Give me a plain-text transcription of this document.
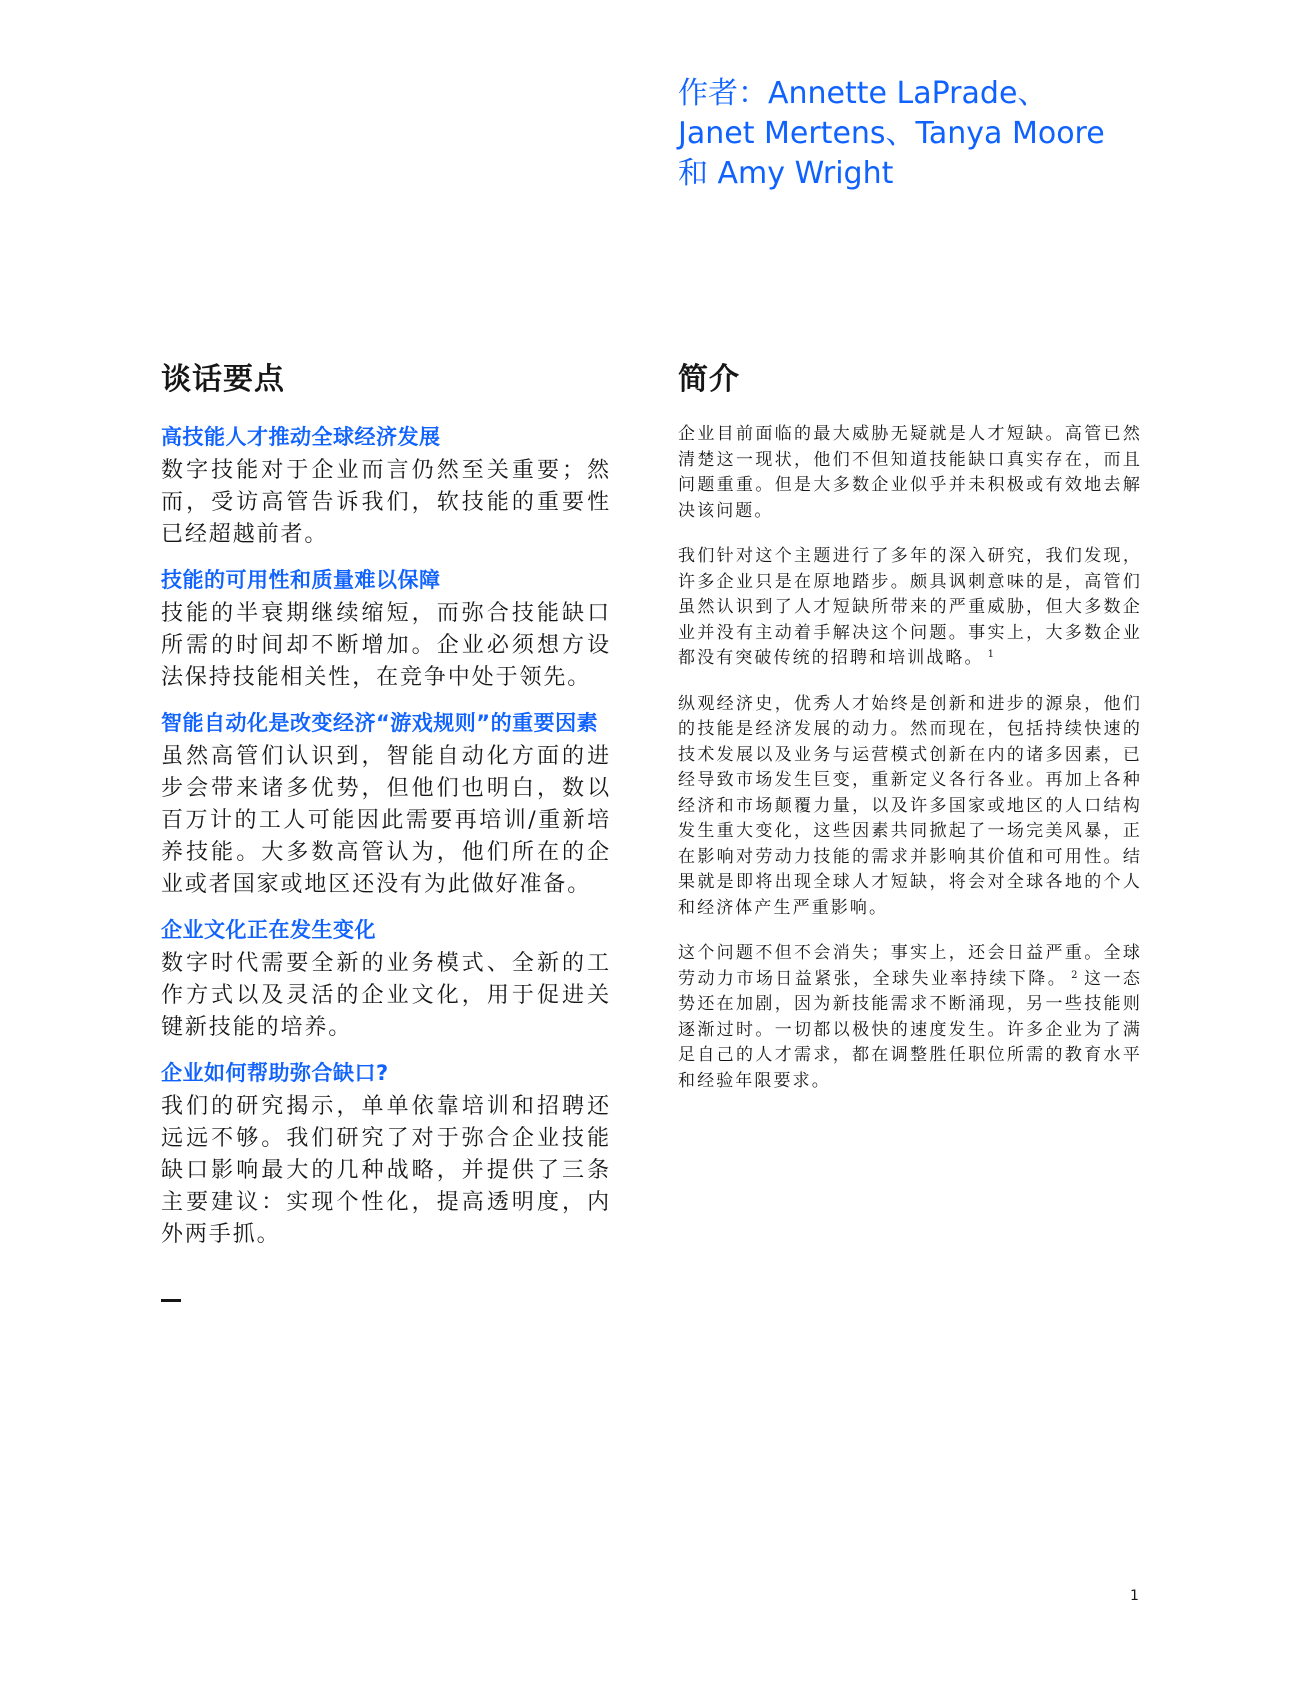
作者：Annette LaPrade、
Janet Mertens、Tanya Moore
和 Amy Wright
谈话要点
高技能人才推动全球经济发展

数字技能对于企业而言仍然至关重要；然而，受访高管告诉我们，软技能的重要性已经超越前者。

技能的可用性和质量难以保障

技能的半衰期继续缩短，而弥合技能缺口所需的时间却不断增加。企业必须想方设法保持技能相关性，在竞争中处于领先。

智能自动化是改变经济“游戏规则”的重要因素

虽然高管们认识到，智能自动化方面的进步会带来诸多优势，但他们也明白，数以百万计的工人可能因此需要再培训/重新培养技能。大多数高管认为，他们所在的企业或者国家或地区还没有为此做好准备。

企业文化正在发生变化

数字时代需要全新的业务模式、全新的工作方式以及灵活的企业文化，用于促进关键新技能的培养。

企业如何帮助弥合缺口?

我们的研究揭示，单单依靠培训和招聘还远远不够。我们研究了对于弥合企业技能缺口影响最大的几种战略，并提供了三条主要建议：实现个性化，提高透明度，内外两手抓。

简介

企业目前面临的最大威胁无疑就是人才短缺。高管已然清楚这一现状，他们不但知道技能缺口真实存在，而且问题重重。但是大多数企业似乎并未积极或有效地去解决该问题。

我们针对这个主题进行了多年的深入研究，我们发现，许多企业只是在原地踏步。颇具讽刺意味的是，高管们虽然认识到了人才短缺所带来的严重威胁，但大多数企业并没有主动着手解决这个问题。事实上，大多数企业都没有突破传统的招聘和培训战略。 $^1$

纵观经济史，优秀人才始终是创新和进步的源泉，他们的技能是经济发展的动力。然而现在，包括持续快速的技术发展以及业务与运营模式创新在内的诸多因素，已经导致市场发生巨变，重新定义各行各业。再加上各种经济和市场颠覆力量，以及许多国家或地区的人口结构发生重大变化，这些因素共同掀起了一场完美风暴，正在影响对劳动力技能的需求并影响其价值和可用性。结果就是即将出现全球人才短缺，将会对全球各地的个人和经济体产生严重影响。

这个问题不但不会消失；事实上，还会日益严重。全球劳动力市场日益紧张，全球失业率持续下降。 $^2$ 这一态势还在加剧，因为新技能需求不断涌现，另一些技能则逐渐过时。一切都以极快的速度发生。许多企业为了满足自己的人才需求，都在调整胜任职位所需的教育水平和经验年限要求。

1
